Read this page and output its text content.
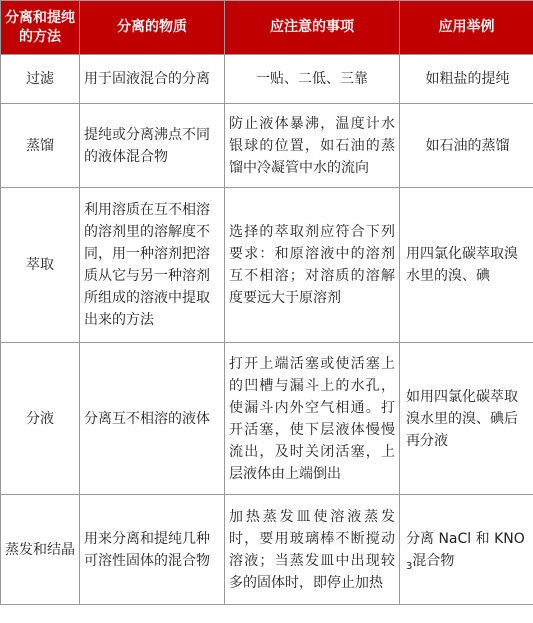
分离和提纯的方法	分离的物质	应注意的事项	应用举例
过滤	用于固液混合的分离	一贴、二低、三靠	如粗盐的提纯
蒸馏	提纯或分离沸点不同的液体混合物	防止液体暴沸，温度计水银球的位置，如石油的蒸馏中冷凝管中水的流向	如石油的蒸馏
萃取	利用溶质在互不相溶的溶剂里的溶解度不同，用一种溶剂把溶质从它与另一种溶剂所组成的溶液中提取出来的方法	选择的萃取剂应符合下列要求：和原溶液中的溶剂互不相溶；对溶质的溶解度要远大于原溶剂	用四氯化碳萃取溴水里的溴、碘
分液	分离互不相溶的液体	打开上端活塞或使活塞上的凹槽与漏斗上的水孔，使漏斗内外空气相通。打开活塞，使下层液体慢慢流出，及时关闭活塞，上层液体由上端倒出	如用四氯化碳萃取溴水里的溴、碘后再分液
蒸发和结晶	用来分离和提纯几种可溶性固体的混合物	加热蒸发皿使溶液蒸发时，要用玻璃棒不断搅动溶液；当蒸发皿中出现较多的固体时，即停止加热	分离 NaCl 和 $KNO_3$混合物
